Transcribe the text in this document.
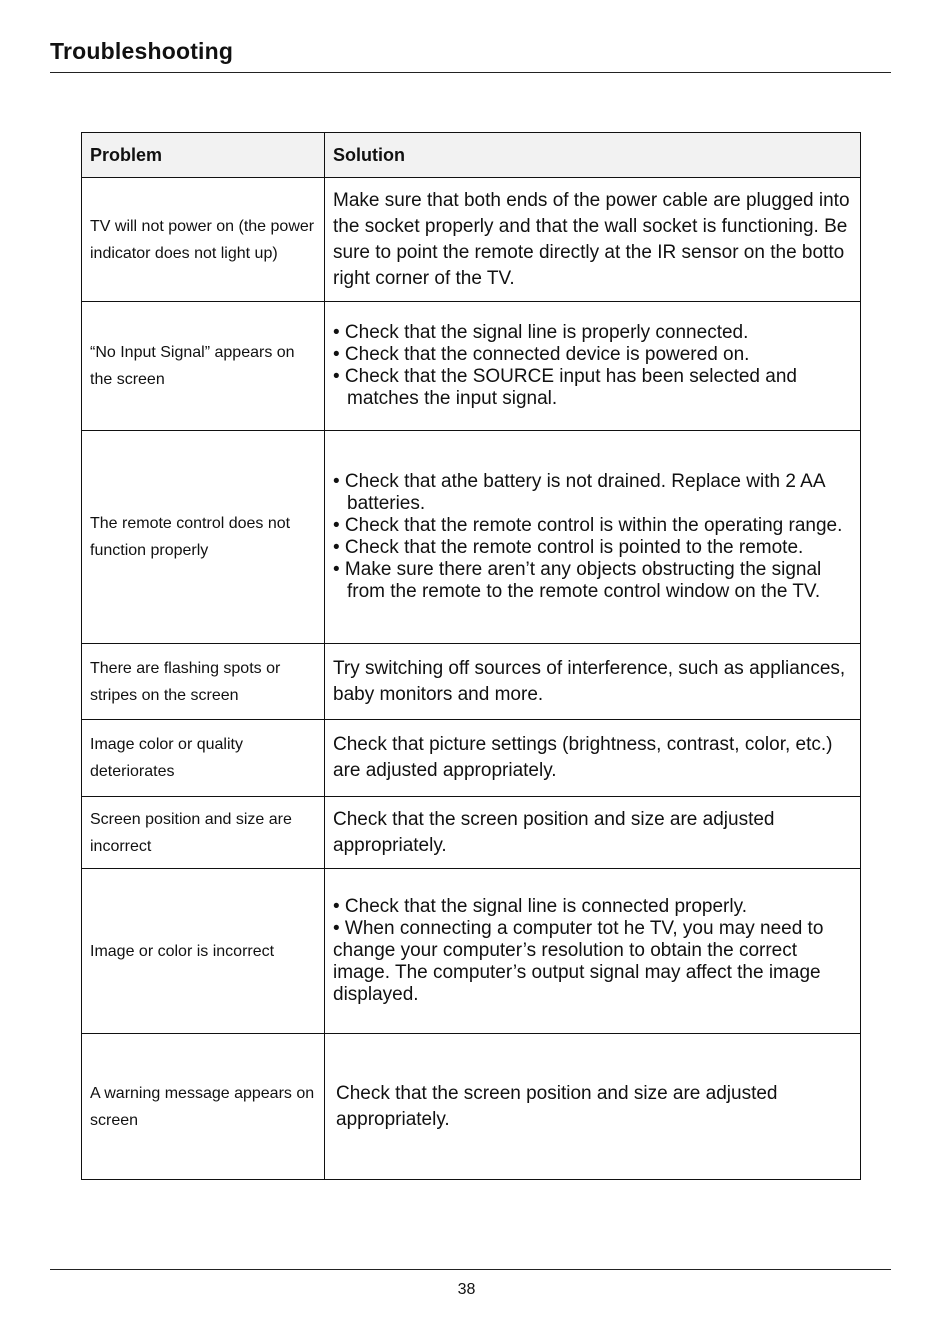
Troubleshooting
Problem	Solution
TV will not power on (the power indicator does not light up)	Make sure that both ends of the power cable are plugged into the socket properly and that the wall socket is functioning. Be sure to point the remote directly at the IR sensor on the botto right corner of the TV.

“No Input Signal” appears on the screen	• Check that the signal line is properly connected.
• Check that the connected device is powered on.
• Check that the SOURCE input has been selected and matches the input signal.

The remote control does not function properly	• Check that athe battery is not drained. Replace with 2 AA batteries.
• Check that the remote control is within the operating range.
• Check that the remote control is pointed to the remote.
• Make sure there aren’t any objects obstructing the signal from the remote to the remote control window on the TV.

There are flashing spots or stripes on the screen	Try switching off sources of interference, such as appliances, baby monitors and more.

Image color or quality deteriorates	Check that picture settings (brightness, contrast, color, etc.) are adjusted appropriately.

Screen position and size are incorrect	Check that the screen position and size are adjusted appropriately.

Image or color is incorrect	• Check that the signal line is connected properly.
• When connecting a computer tot he TV, you may need to change your computer’s resolution to obtain the correct image. The computer’s output signal may affect the image displayed.

A warning message appears on screen	Check that the screen position and size are adjusted appropriately.
38
